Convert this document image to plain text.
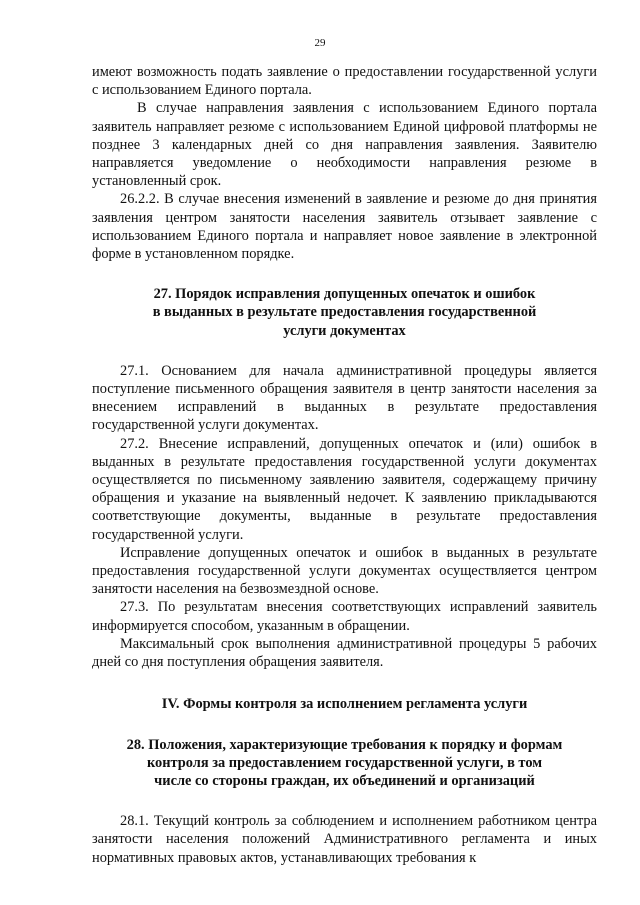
29

имеют возможность подать заявление о предоставлении государственной услуги с использованием Единого портала.

В случае направления заявления с использованием Единого портала заявитель направляет резюме с использованием Единой цифровой платформы не позднее 3 календарных дней со дня направления заявления. Заявителю направляется уведомление о необходимости направления резюме в установленный срок.

26.2.2. В случае внесения изменений в заявление и резюме до дня принятия заявления центром занятости населения заявитель отзывает заявление с использованием Единого портала и направляет новое заявление в электронной форме в установленном порядке.

27. Порядок исправления допущенных опечаток и ошибок
в выданных в результате предоставления государственной
услуги документах

27.1. Основанием для начала административной процедуры является поступление письменного обращения заявителя в центр занятости населения за внесением исправлений в выданных в результате предоставления государственной услуги документах.

27.2. Внесение исправлений, допущенных опечаток и (или) ошибок в выданных в результате предоставления государственной услуги документах осуществляется по письменному заявлению заявителя, содержащему причину обращения и указание на выявленный недочет. К заявлению прикладываются соответствующие документы, выданные в результате предоставления государственной услуги.

Исправление допущенных опечаток и ошибок в выданных в результате предоставления государственной услуги документах осуществляется центром занятости населения на безвозмездной основе.

27.3. По результатам внесения соответствующих исправлений заявитель информируется способом, указанным в обращении.

Максимальный срок выполнения административной процедуры 5 рабочих дней со дня поступления обращения заявителя.

IV. Формы контроля за исполнением регламента услуги
28. Положения, характеризующие требования к порядку и формам
контроля за предоставлением государственной услуги, в том
числе со стороны граждан, их объединений и организаций

28.1. Текущий контроль за соблюдением и исполнением работником центра занятости населения положений Административного регламента и иных нормативных правовых актов, устанавливающих требования к
